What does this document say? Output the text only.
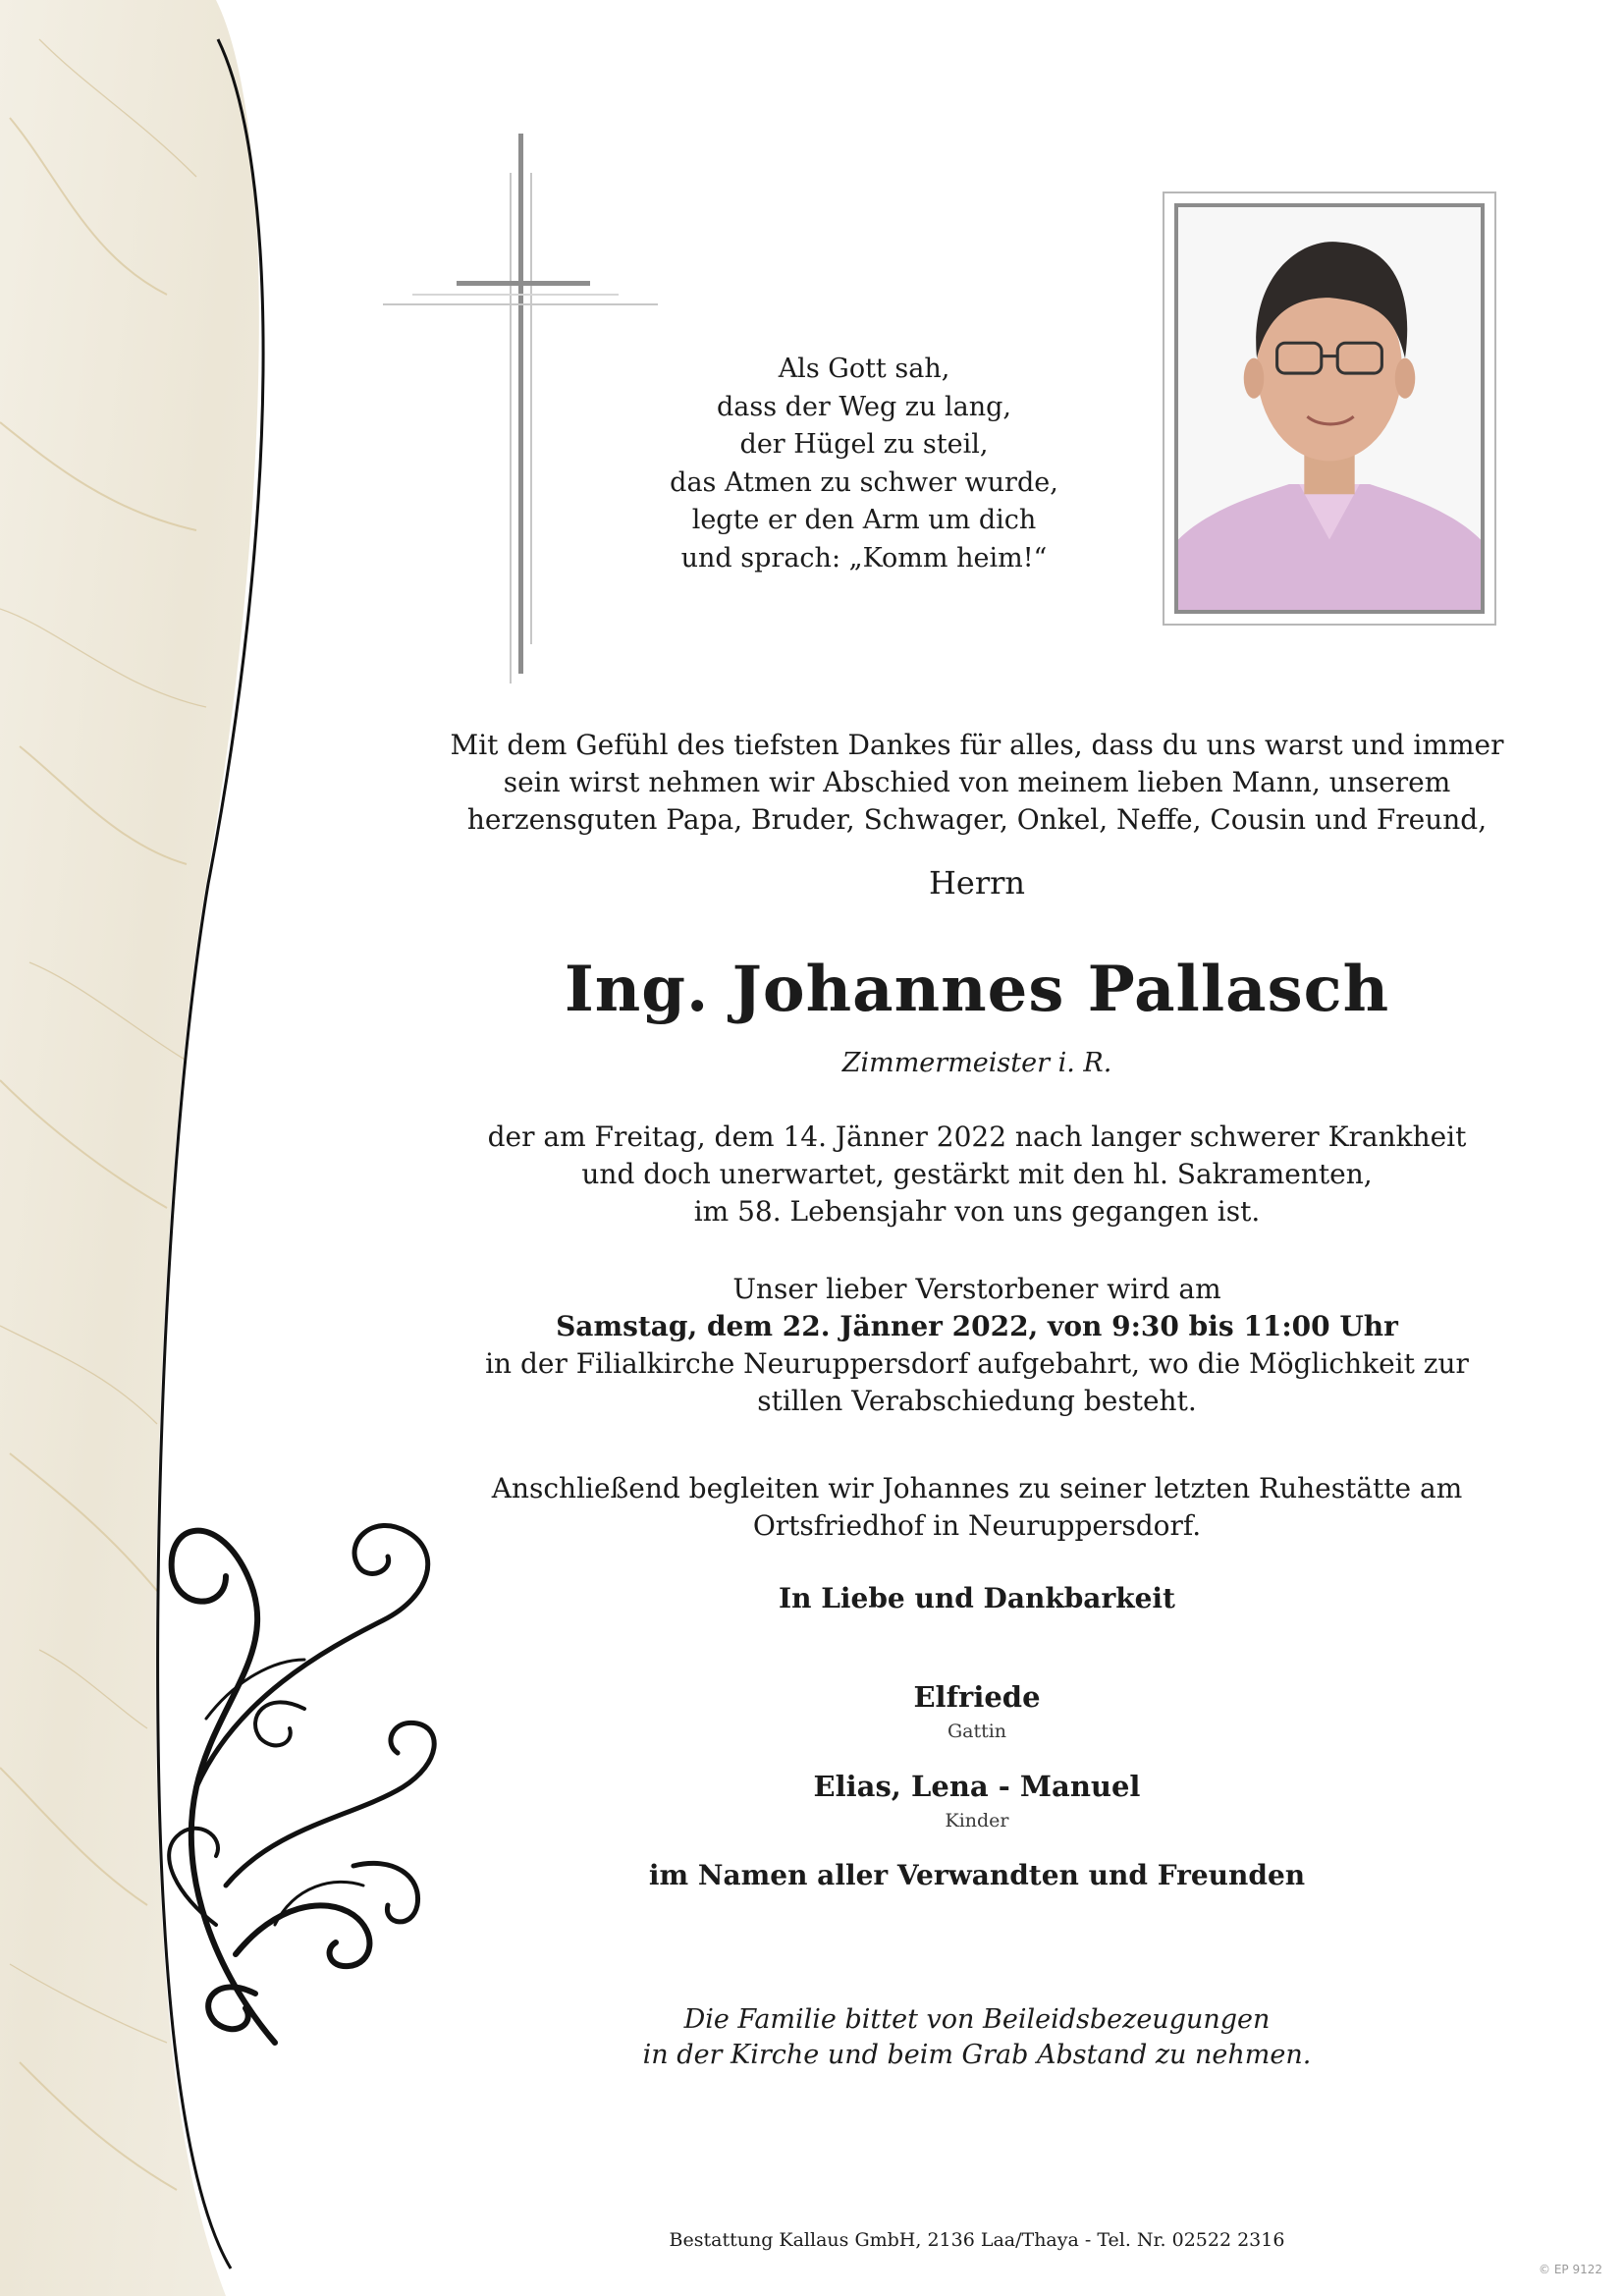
Als Gott sah,
dass der Weg zu lang,
der Hügel zu steil,
das Atmen zu schwer wurde,
legte er den Arm um dich
und sprach: „Komm heim!“
Mit dem Gefühl des tiefsten Dankes für alles, dass du uns warst und immer
sein wirst nehmen wir Abschied von meinem lieben Mann, unserem
herzensguten Papa, Bruder, Schwager, Onkel, Neffe, Cousin und Freund,
Herrn
Ing. Johannes Pallasch
Zimmermeister i. R.
der am Freitag, dem 14. Jänner 2022 nach langer schwerer Krankheit
und doch unerwartet, gestärkt mit den hl. Sakramenten,
im 58. Lebensjahr von uns gegangen ist.
Unser lieber Verstorbener wird am
Samstag, dem 22. Jänner 2022, von 9:30 bis 11:00 Uhr
in der Filialkirche Neuruppersdorf aufgebahrt, wo die Möglichkeit zur
stillen Verabschiedung besteht.
Anschließend begleiten wir Johannes zu seiner letzten Ruhestätte am
Ortsfriedhof in Neuruppersdorf.
In Liebe und Dankbarkeit
Elfriede
Gattin
Elias, Lena - Manuel
Kinder
im Namen aller Verwandten und Freunden
Die Familie bittet von Beileidsbezeugungen
in der Kirche und beim Grab Abstand zu nehmen.
Bestattung Kallaus GmbH, 2136 Laa/Thaya - Tel. Nr. 02522 2316
© EP 9122
